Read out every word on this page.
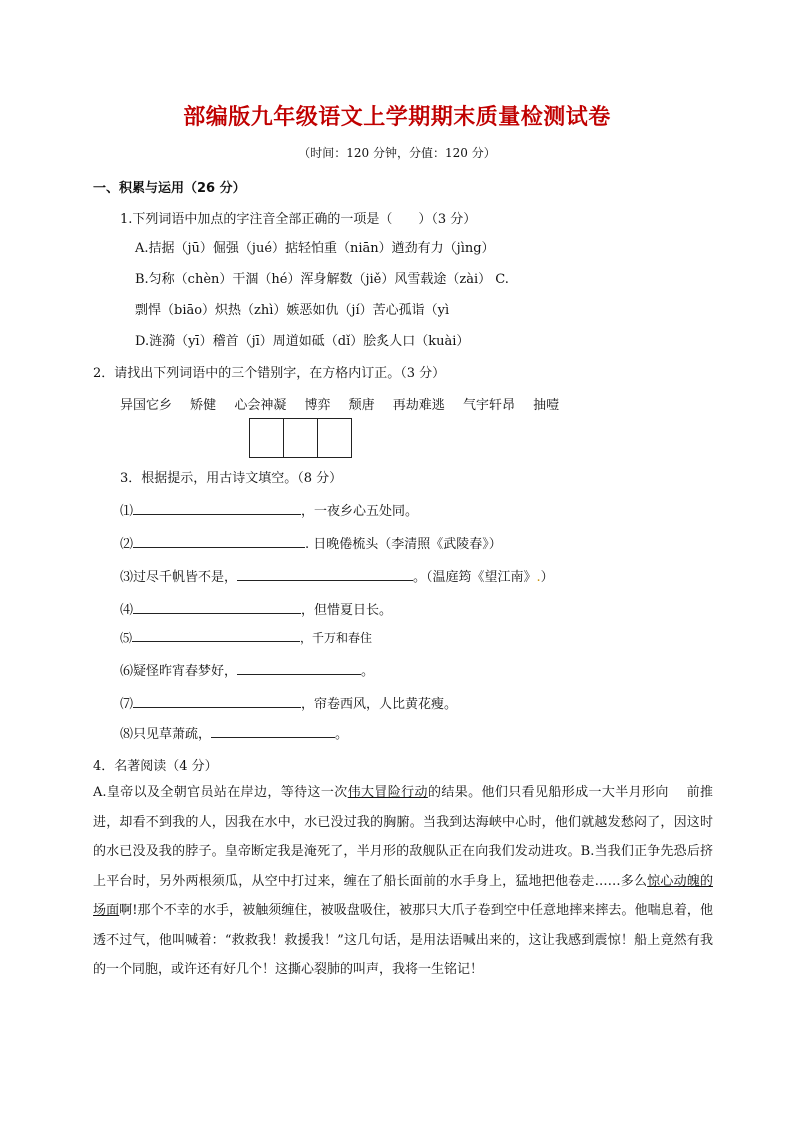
部编版九年级语文上学期期末质量检测试卷
（时间：120 分钟，分值：120 分）
一、积累与运用（26 分）
1.下列词语中加点的字注音全部正确的一项是（　　）（3 分）
A.拮据（jū）倔强（jué）掂轻怕重（niān）遒劲有力（jìng）
B.匀称（chèn）干涸（hé）浑身解数（jiě）风雪载途（zài） C.
剽悍（biāo）炽热（zhì）嫉恶如仇（jí）苦心孤诣（yì
D.涟漪（yī）稽首（jī）周道如砥（dǐ）脍炙人口（kuài）
2．请找出下列词语中的三个错别字，在方格内订正。（3 分）
异国它乡 矫健 心会神凝 博弈 颓唐 再劫难逃 气宇轩昂 抽噎
3．根据提示，用古诗文填空。（8 分）
⑴	，一夜乡心五处同。
⑵	. 日晚倦梳头（李清照《武陵春》）
⑶过尽千帆皆不是，	。（温庭筠《望江南》.）
⑷	，但惜夏日长。
⑸	，千万和春住
⑹疑怪昨宵春梦好，	。
⑺	，帘卷西风，人比黄花瘦。
⑻只见草萧疏，	。
4．名著阅读（4 分）
A.皇帝以及全朝官员站在岸边，等待这一次伟大冒险行动的结果。他们只看见船形成一大半月形向　 前推进，却看不到我的人，因我在水中，水已没过我的胸腑。当我到达海峡中心时，他们就越发愁闷了，因这时的水已没及我的脖子。皇帝断定我是淹死了，半月形的敌舰队正在向我们发动进攻。B.当我们正争先恐后挤上平台时，另外两根须瓜，从空中打过来，缠在了船长面前的水手身上，猛地把他卷走……多么惊心动魄的场面啊!那个不幸的水手，被触须缠住，被吸盘吸住，被那只大爪子卷到空中任意地摔来摔去。他喘息着，他透不过气，他叫喊着：“救救我！救援我！”这几句话，是用法语喊出来的，这让我感到震惊！船上竟然有我的一个同胞，或许还有好几个！这撕心裂肺的叫声，我将一生铭记！
